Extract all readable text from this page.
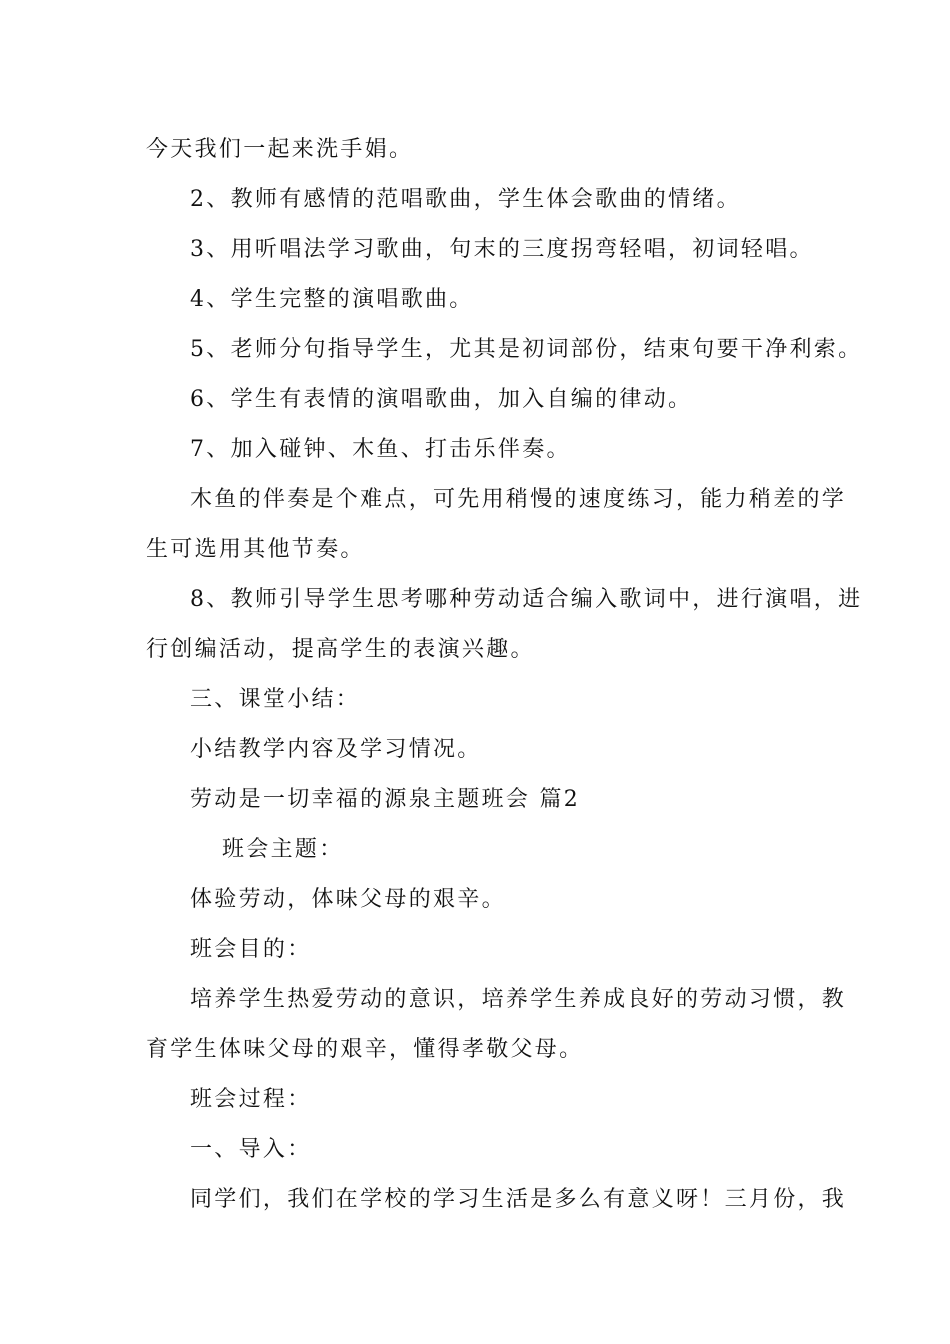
今天我们一起来洗手娟。
2、教师有感情的范唱歌曲，学生体会歌曲的情绪。
3、用听唱法学习歌曲，句末的三度拐弯轻唱，初词轻唱。
4、学生完整的演唱歌曲。
5、老师分句指导学生，尤其是初词部份，结束句要干净利索。
6、学生有表情的演唱歌曲，加入自编的律动。
7、加入碰钟、木鱼、打击乐伴奏。
木鱼的伴奏是个难点，可先用稍慢的速度练习，能力稍差的学
生可选用其他节奏。
8、教师引导学生思考哪种劳动适合编入歌词中，进行演唱，进
行创编活动，提高学生的表演兴趣。
三、课堂小结：
小结教学内容及学习情况。
劳动是一切幸福的源泉主题班会 篇2
班会主题：
体验劳动，体味父母的艰辛。
班会目的：
培养学生热爱劳动的意识，培养学生养成良好的劳动习惯，教
育学生体味父母的艰辛，懂得孝敬父母。
班会过程：
一、导入：
同学们，我们在学校的学习生活是多么有意义呀！三月份，我
